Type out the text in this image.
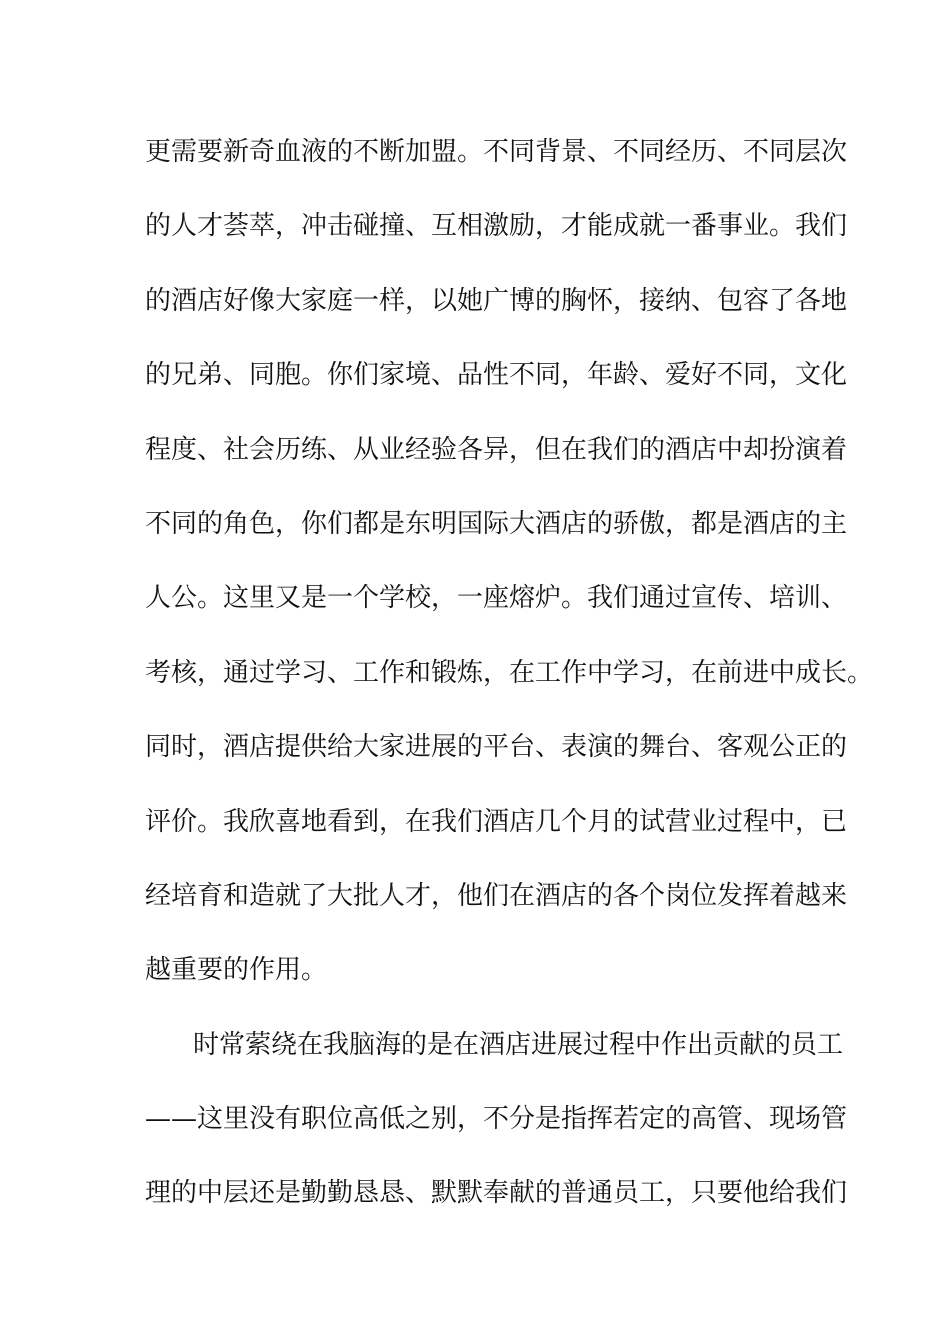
更需要新奇血液的不断加盟。不同背景、不同经历、不同层次
的人才荟萃，冲击碰撞、互相激励，才能成就一番事业。我们
的酒店好像大家庭一样，以她广博的胸怀，接纳、包容了各地
的兄弟、同胞。你们家境、品性不同，年龄、爱好不同，文化
程度、社会历练、从业经验各异，但在我们的酒店中却扮演着
不同的角色，你们都是东明国际大酒店的骄傲，都是酒店的主
人公。这里又是一个学校，一座熔炉。我们通过宣传、培训、
考核，通过学习、工作和锻炼，在工作中学习，在前进中成长。
同时，酒店提供给大家进展的平台、表演的舞台、客观公正的
评价。我欣喜地看到，在我们酒店几个月的试营业过程中，已
经培育和造就了大批人才，他们在酒店的各个岗位发挥着越来
越重要的作用。
时常萦绕在我脑海的是在酒店进展过程中作出贡献的员工
——这里没有职位高低之别，不分是指挥若定的高管、现场管
理的中层还是勤勤恳恳、默默奉献的普通员工，只要他给我们
